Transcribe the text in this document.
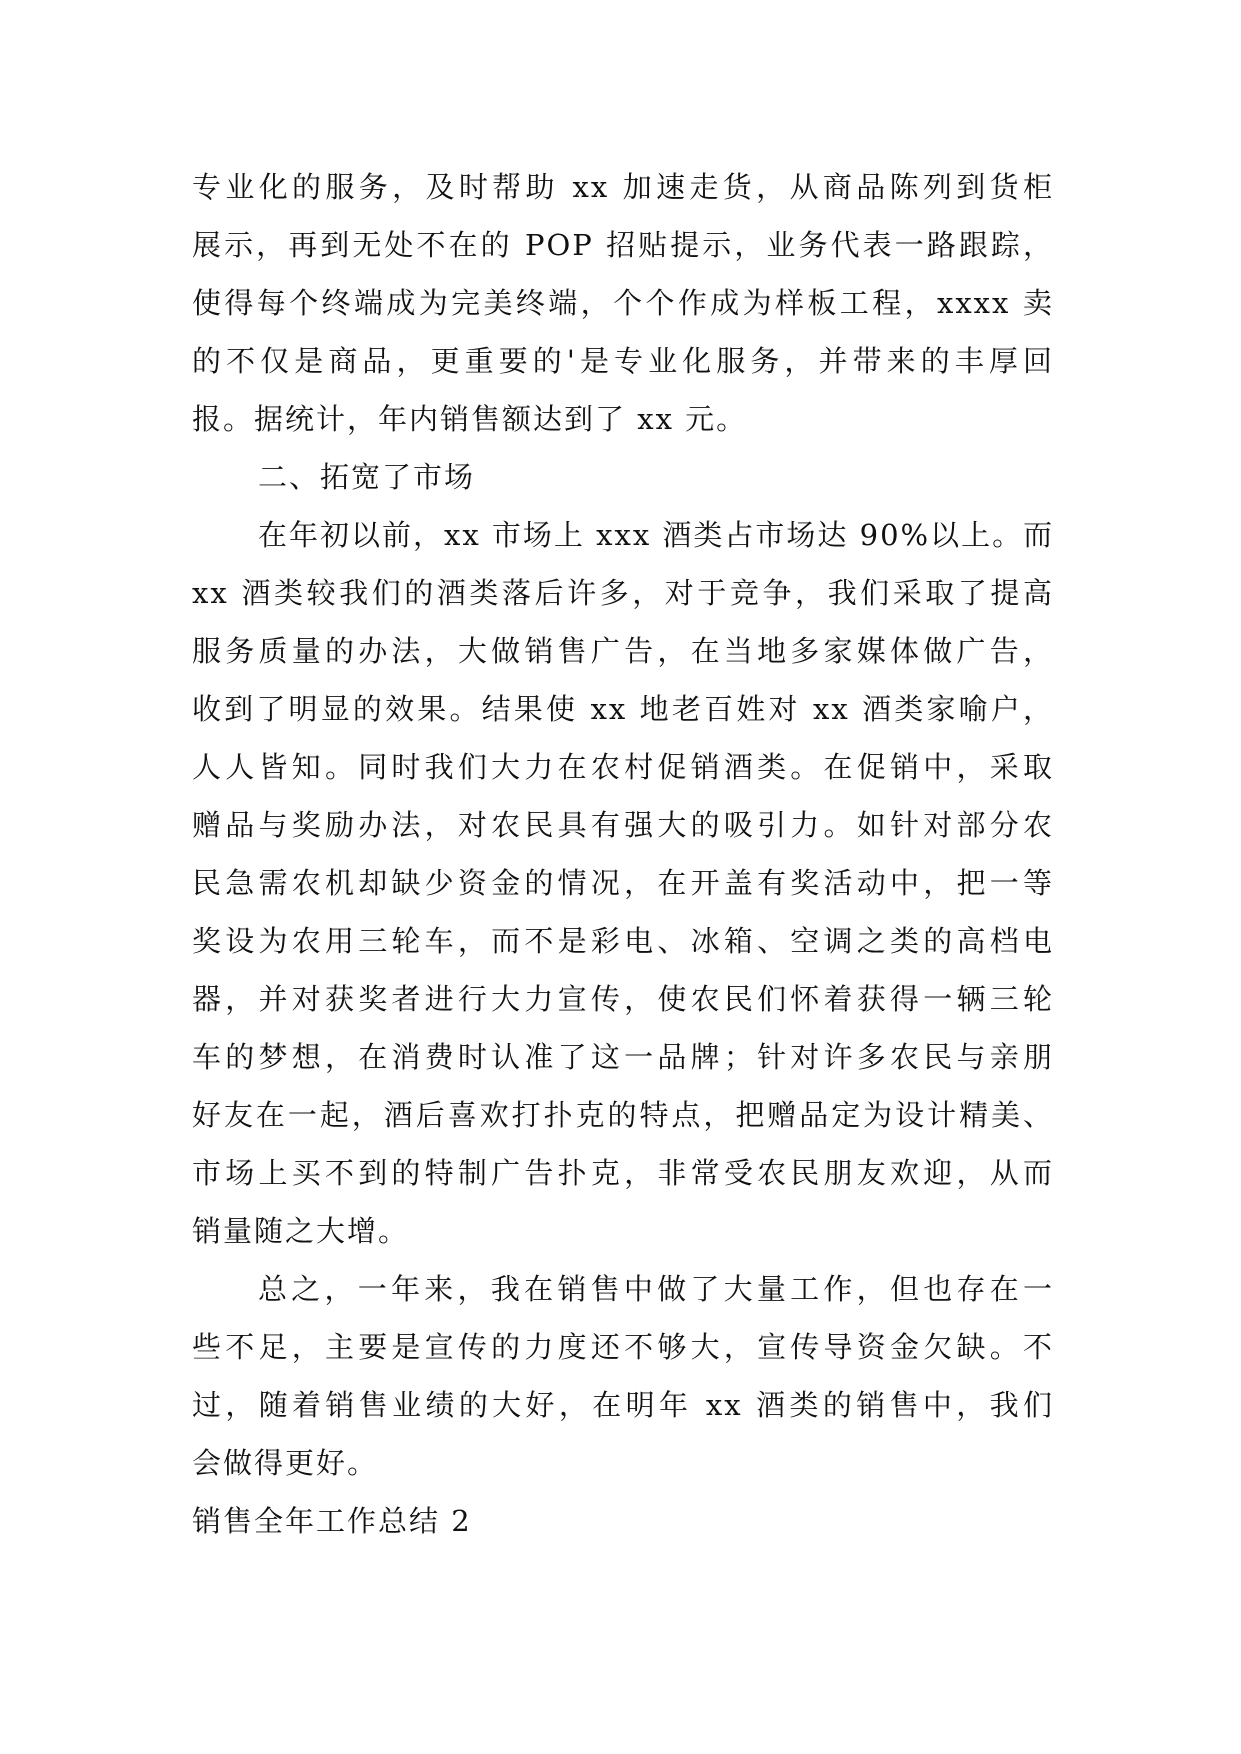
专业化的服务，及时帮助 xx 加速走货，从商品陈列到货柜
展示，再到无处不在的 POP 招贴提示，业务代表一路跟踪，
使得每个终端成为完美终端，个个作成为样板工程，xxxx 卖
的不仅是商品，更重要的'是专业化服务，并带来的丰厚回
报。据统计，年内销售额达到了 xx 元。
二、拓宽了市场
在年初以前，xx 市场上 xxx 酒类占市场达 90%以上。而
xx 酒类较我们的酒类落后许多，对于竞争，我们采取了提高
服务质量的办法，大做销售广告，在当地多家媒体做广告，
收到了明显的效果。结果使 xx 地老百姓对 xx 酒类家喻户，
人人皆知。同时我们大力在农村促销酒类。在促销中，采取
赠品与奖励办法，对农民具有强大的吸引力。如针对部分农
民急需农机却缺少资金的情况，在开盖有奖活动中，把一等
奖设为农用三轮车，而不是彩电、冰箱、空调之类的高档电
器，并对获奖者进行大力宣传，使农民们怀着获得一辆三轮
车的梦想，在消费时认准了这一品牌；针对许多农民与亲朋
好友在一起，酒后喜欢打扑克的特点，把赠品定为设计精美、
市场上买不到的特制广告扑克，非常受农民朋友欢迎，从而
销量随之大增。
总之，一年来，我在销售中做了大量工作，但也存在一
些不足，主要是宣传的力度还不够大，宣传导资金欠缺。不
过，随着销售业绩的大好，在明年 xx 酒类的销售中，我们
会做得更好。
销售全年工作总结 2
